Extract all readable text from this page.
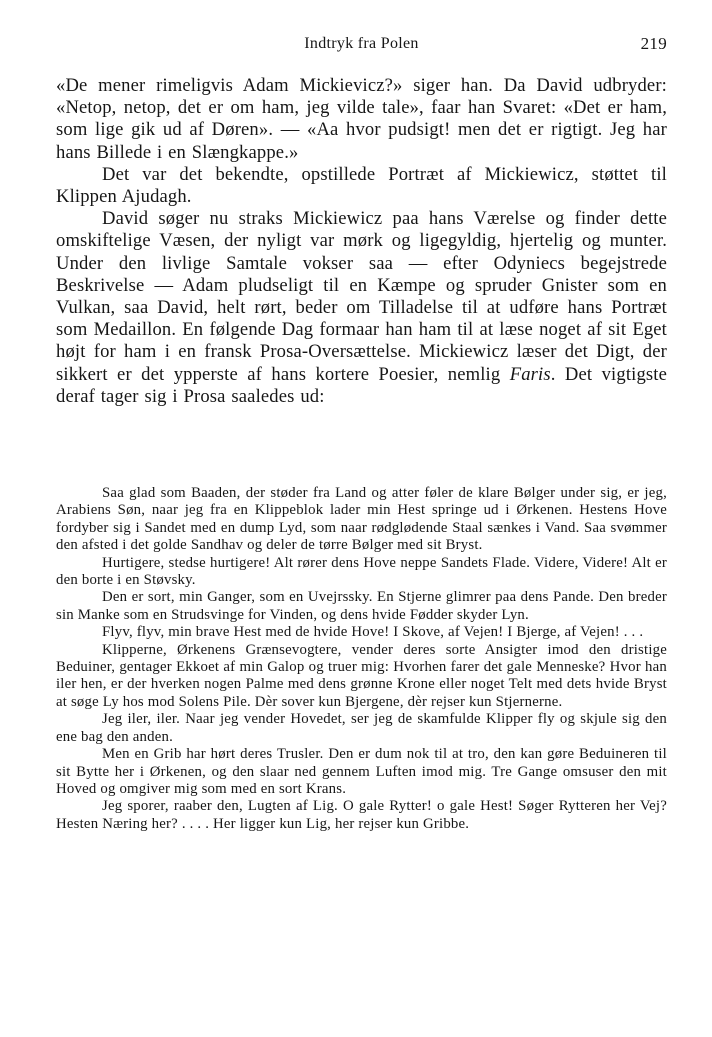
Indtryk fra Polen	219

«De mener rimeligvis Adam Mickievicz?» siger han. Da David udbryder: «Netop, netop, det er om ham, jeg vilde tale», faar han Svaret: «Det er ham, som lige gik ud af Døren». — «Aa hvor pudsigt! men det er rigtigt. Jeg har hans Billede i en Slængkappe.»

Det var det bekendte, opstillede Portræt af Mickiewicz, støttet til Klippen Ajudagh.

David søger nu straks Mickiewicz paa hans Værelse og finder dette omskiftelige Væsen, der nyligt var mørk og ligegyldig, hjertelig og munter. Under den livlige Samtale vokser saa — efter Odyniecs begejstrede Beskrivelse — Adam pludseligt til en Kæmpe og spruder Gnister som en Vulkan, saa David, helt rørt, beder om Tilladelse til at udføre hans Portræt som Medaillon. En følgende Dag formaar han ham til at læse noget af sit Eget højt for ham i en fransk Prosa-Oversættelse. Mickiewicz læser det Digt, der sikkert er det ypperste af hans kortere Poesier, nemlig Faris. Det vigtigste deraf tager sig i Prosa saaledes ud:

Saa glad som Baaden, der støder fra Land og atter føler de klare Bølger under sig, er jeg, Arabiens Søn, naar jeg fra en Klippeblok lader min Hest springe ud i Ørkenen. Hestens Hove fordyber sig i Sandet med en dump Lyd, som naar rødglødende Staal sænkes i Vand. Saa svømmer den afsted i det golde Sandhav og deler de tørre Bølger med sit Bryst.

Hurtigere, stedse hurtigere! Alt rører dens Hove neppe Sandets Flade. Videre, Videre! Alt er den borte i en Støvsky.

Den er sort, min Ganger, som en Uvejrssky. En Stjerne glimrer paa dens Pande. Den breder sin Manke som en Strudsvinge for Vinden, og dens hvide Fødder skyder Lyn.

Flyv, flyv, min brave Hest med de hvide Hove! I Skove, af Vejen! I Bjerge, af Vejen! . . .

Klipperne, Ørkenens Grænsevogtere, vender deres sorte Ansigter imod den dristige Beduiner, gentager Ekkoet af min Galop og truer mig: Hvorhen farer det gale Menneske? Hvor han iler hen, er der hverken nogen Palme med dens grønne Krone eller noget Telt med dets hvide Bryst at søge Ly hos mod Solens Pile. Dèr sover kun Bjergene, dèr rejser kun Stjernerne.

Jeg iler, iler. Naar jeg vender Hovedet, ser jeg de skamfulde Klipper fly og skjule sig den ene bag den anden.

Men en Grib har hørt deres Trusler. Den er dum nok til at tro, den kan gøre Beduineren til sit Bytte her i Ørkenen, og den slaar ned gennem Luften imod mig. Tre Gange omsuser den mit Hoved og omgiver mig som med en sort Krans.

Jeg sporer, raaber den, Lugten af Lig. O gale Rytter! o gale Hest! Søger Rytteren her Vej? Hesten Næring her? . . . . Her ligger kun Lig, her rejser kun Gribbe.
